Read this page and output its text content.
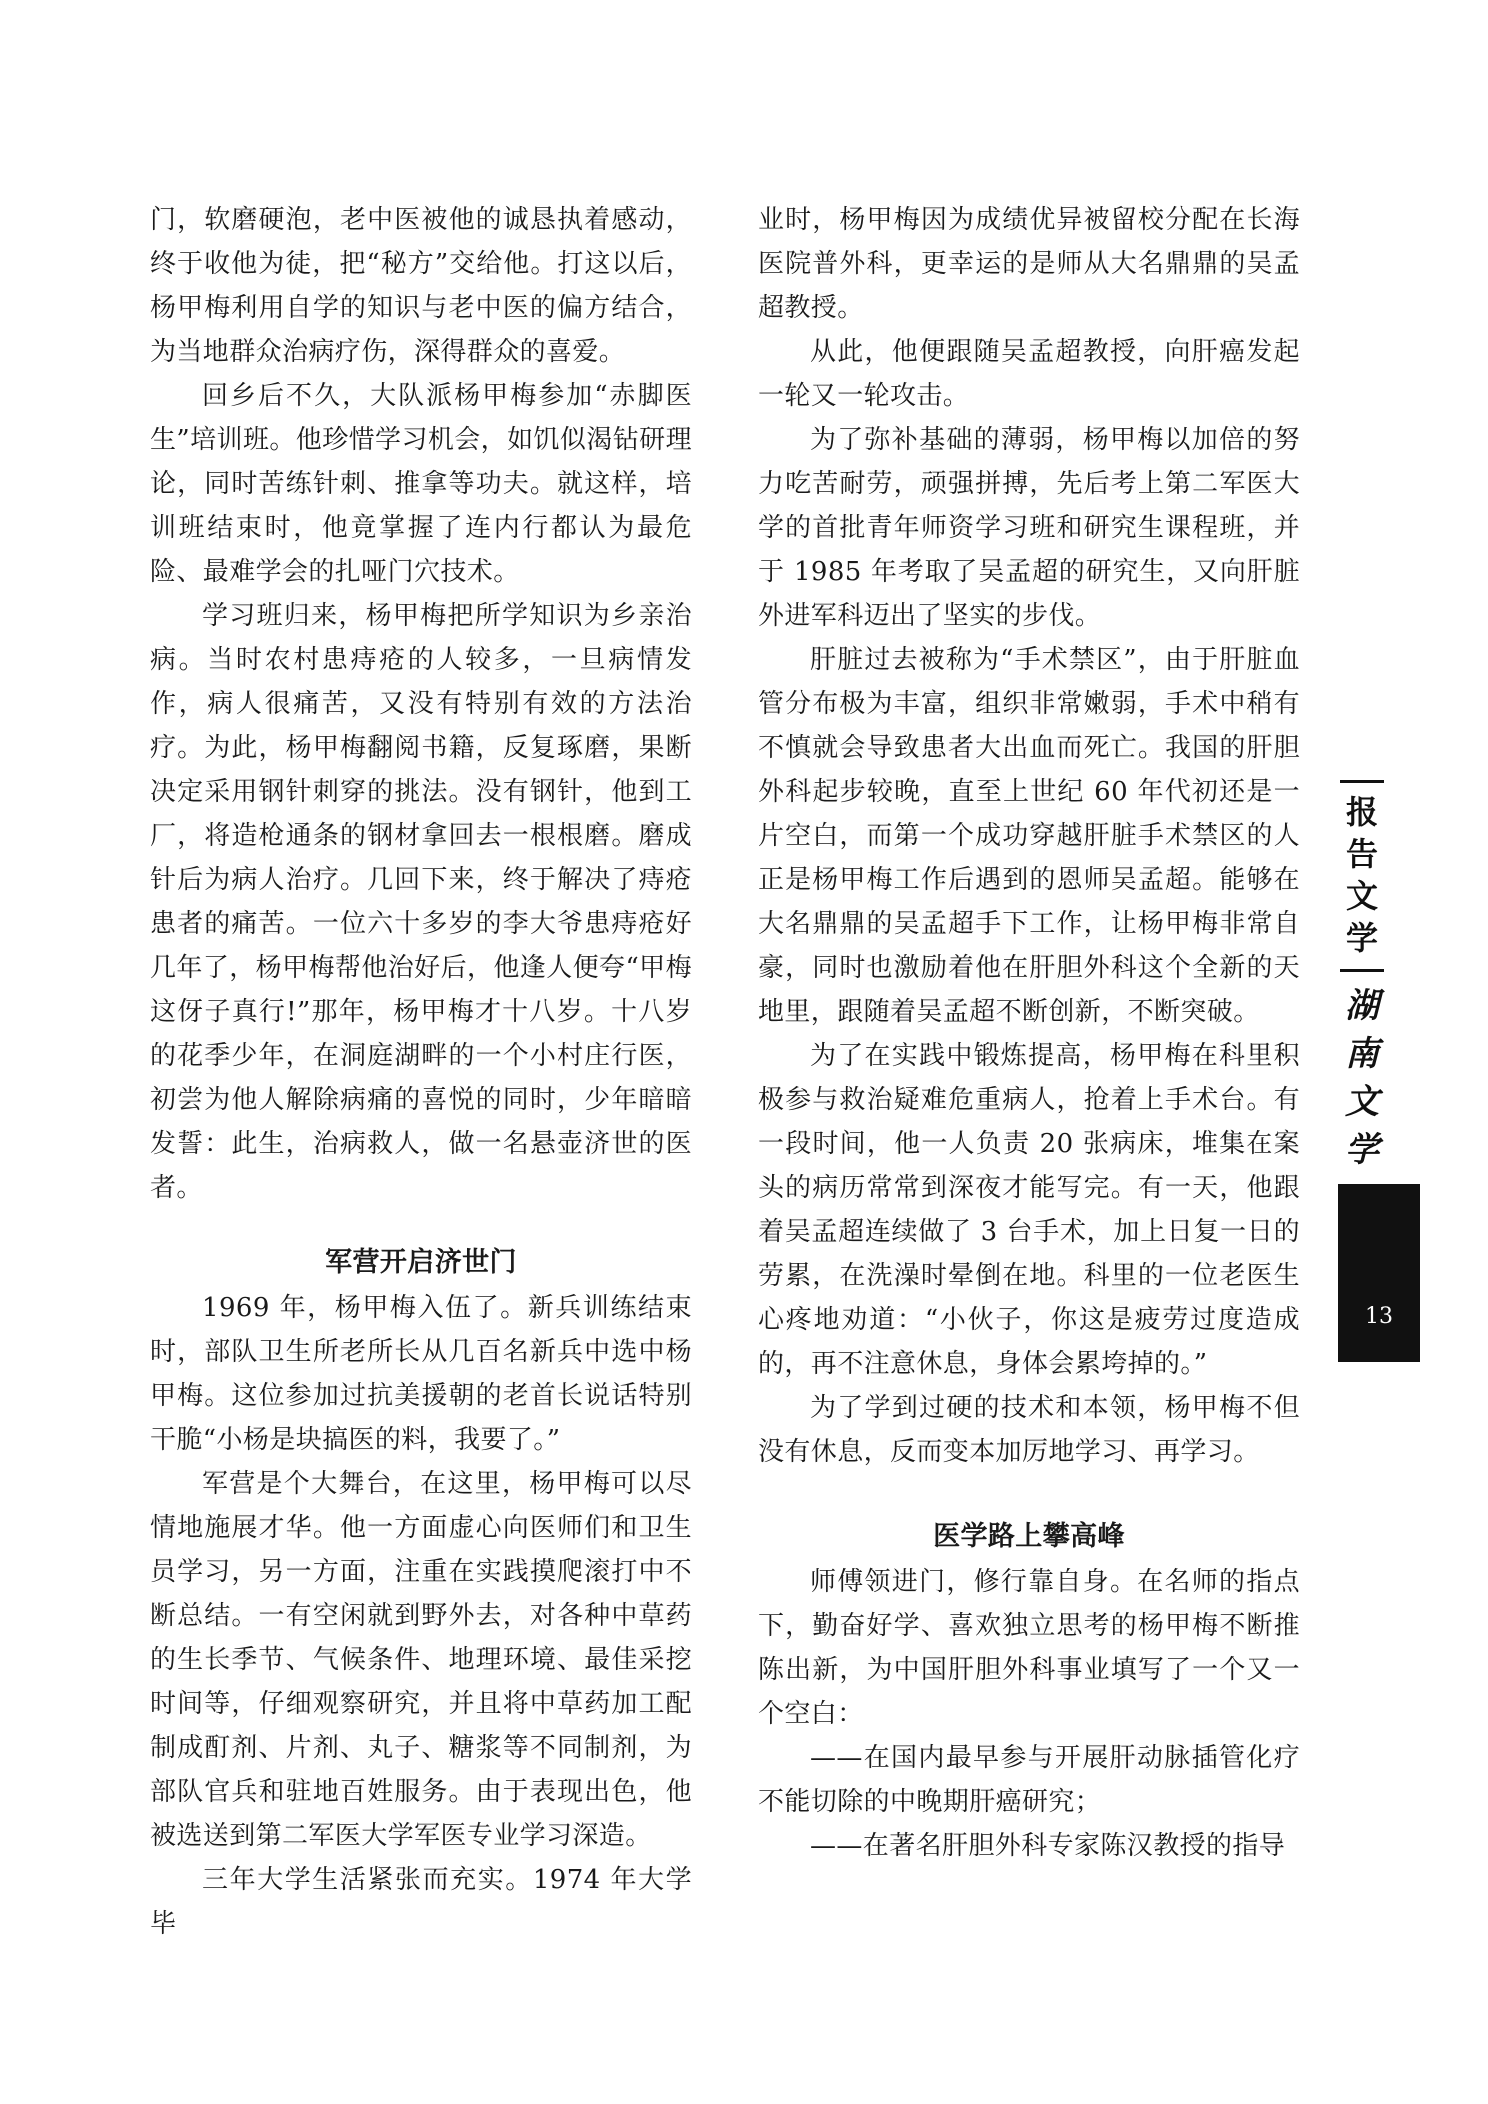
门，软磨硬泡，老中医被他的诚恳执着感动，终于收他为徒，把“秘方”交给他。打这以后，杨甲梅利用自学的知识与老中医的偏方结合，为当地群众治病疗伤，深得群众的喜爱。

回乡后不久，大队派杨甲梅参加“赤脚医生”培训班。他珍惜学习机会，如饥似渴钻研理论，同时苦练针刺、推拿等功夫。就这样，培训班结束时，他竟掌握了连内行都认为最危险、最难学会的扎哑门穴技术。

学习班归来，杨甲梅把所学知识为乡亲治病。当时农村患痔疮的人较多，一旦病情发作，病人很痛苦，又没有特别有效的方法治疗。为此，杨甲梅翻阅书籍，反复琢磨，果断决定采用钢针刺穿的挑法。没有钢针，他到工厂，将造枪通条的钢材拿回去一根根磨。磨成针后为病人治疗。几回下来，终于解决了痔疮患者的痛苦。一位六十多岁的李大爷患痔疮好几年了，杨甲梅帮他治好后，他逢人便夸“甲梅这伢子真行!”那年，杨甲梅才十八岁。十八岁的花季少年，在洞庭湖畔的一个小村庄行医，初尝为他人解除病痛的喜悦的同时，少年暗暗发誓：此生，治病救人，做一名悬壶济世的医者。

军营开启济世门

1969 年，杨甲梅入伍了。新兵训练结束时，部队卫生所老所长从几百名新兵中选中杨甲梅。这位参加过抗美援朝的老首长说话特别干脆“小杨是块搞医的料，我要了。”

军营是个大舞台，在这里，杨甲梅可以尽情地施展才华。他一方面虚心向医师们和卫生员学习，另一方面，注重在实践摸爬滚打中不断总结。一有空闲就到野外去，对各种中草药的生长季节、气候条件、地理环境、最佳采挖时间等，仔细观察研究，并且将中草药加工配制成酊剂、片剂、丸子、糖浆等不同制剂，为部队官兵和驻地百姓服务。由于表现出色，他被选送到第二军医大学军医专业学习深造。

三年大学生活紧张而充实。1974 年大学毕

业时，杨甲梅因为成绩优异被留校分配在长海医院普外科，更幸运的是师从大名鼎鼎的吴孟超教授。

从此，他便跟随吴孟超教授，向肝癌发起一轮又一轮攻击。

为了弥补基础的薄弱，杨甲梅以加倍的努力吃苦耐劳，顽强拼搏，先后考上第二军医大学的首批青年师资学习班和研究生课程班，并于 1985 年考取了吴孟超的研究生，又向肝脏外进军科迈出了坚实的步伐。

肝脏过去被称为“手术禁区”，由于肝脏血管分布极为丰富，组织非常嫩弱，手术中稍有不慎就会导致患者大出血而死亡。我国的肝胆外科起步较晚，直至上世纪 60 年代初还是一片空白，而第一个成功穿越肝脏手术禁区的人正是杨甲梅工作后遇到的恩师吴孟超。能够在大名鼎鼎的吴孟超手下工作，让杨甲梅非常自豪，同时也激励着他在肝胆外科这个全新的天地里，跟随着吴孟超不断创新，不断突破。

为了在实践中锻炼提高，杨甲梅在科里积极参与救治疑难危重病人，抢着上手术台。有一段时间，他一人负责 20 张病床，堆集在案头的病历常常到深夜才能写完。有一天，他跟着吴孟超连续做了 3 台手术，加上日复一日的劳累，在洗澡时晕倒在地。科里的一位老医生心疼地劝道：“小伙子，你这是疲劳过度造成的，再不注意休息，身体会累垮掉的。”

为了学到过硬的技术和本领，杨甲梅不但没有休息，反而变本加厉地学习、再学习。

医学路上攀高峰

师傅领进门，修行靠自身。在名师的指点下，勤奋好学、喜欢独立思考的杨甲梅不断推陈出新，为中国肝胆外科事业填写了一个又一个空白：

——在国内最早参与开展肝动脉插管化疗不能切除的中晚期肝癌研究；

——在著名肝胆外科专家陈汉教授的指导

报
告
文
学
湖
南
文
学
13
